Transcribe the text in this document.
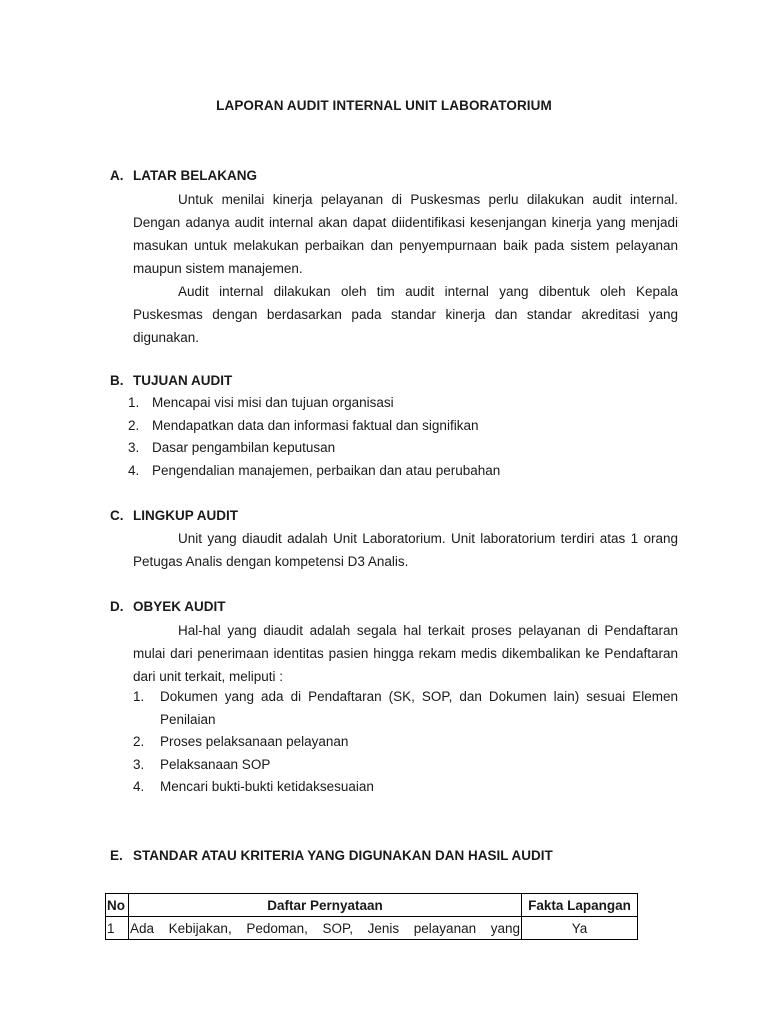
LAPORAN AUDIT INTERNAL UNIT LABORATORIUM
A. LATAR BELAKANG

Untuk menilai kinerja pelayanan di Puskesmas perlu dilakukan audit internal. Dengan adanya audit internal akan dapat diidentifikasi kesenjangan kinerja yang menjadi masukan untuk melakukan perbaikan dan penyempurnaan baik pada sistem pelayanan maupun sistem manajemen.

Audit internal dilakukan oleh tim audit internal yang dibentuk oleh Kepala Puskesmas dengan berdasarkan pada standar kinerja dan standar akreditasi yang digunakan.

B. TUJUAN AUDIT
1. Mencapai visi misi dan tujuan organisasi
2. Mendapatkan data dan informasi faktual dan signifikan
3. Dasar pengambilan keputusan
4. Pengendalian manajemen, perbaikan dan atau perubahan
C. LINGKUP AUDIT

Unit yang diaudit adalah Unit Laboratorium. Unit laboratorium terdiri atas 1 orang Petugas Analis dengan kompetensi D3 Analis.

D. OBYEK AUDIT

Hal-hal yang diaudit adalah segala hal terkait proses pelayanan di Pendaftaran mulai dari penerimaan identitas pasien hingga rekam medis dikembalikan ke Pendaftaran dari unit terkait, meliputi :

1. Dokumen yang ada di Pendaftaran (SK, SOP, dan Dokumen lain) sesuai Elemen Penilaian
2. Proses pelaksanaan pelayanan
3. Pelaksanaan SOP
4. Mencari bukti-bukti ketidaksesuaian
E. STANDAR ATAU KRITERIA YANG DIGUNAKAN DAN HASIL AUDIT
No	Daftar Pernyataan	Fakta Lapangan
1	Ada Kebijakan, Pedoman, SOP, Jenis pelayanan yang	Ya
